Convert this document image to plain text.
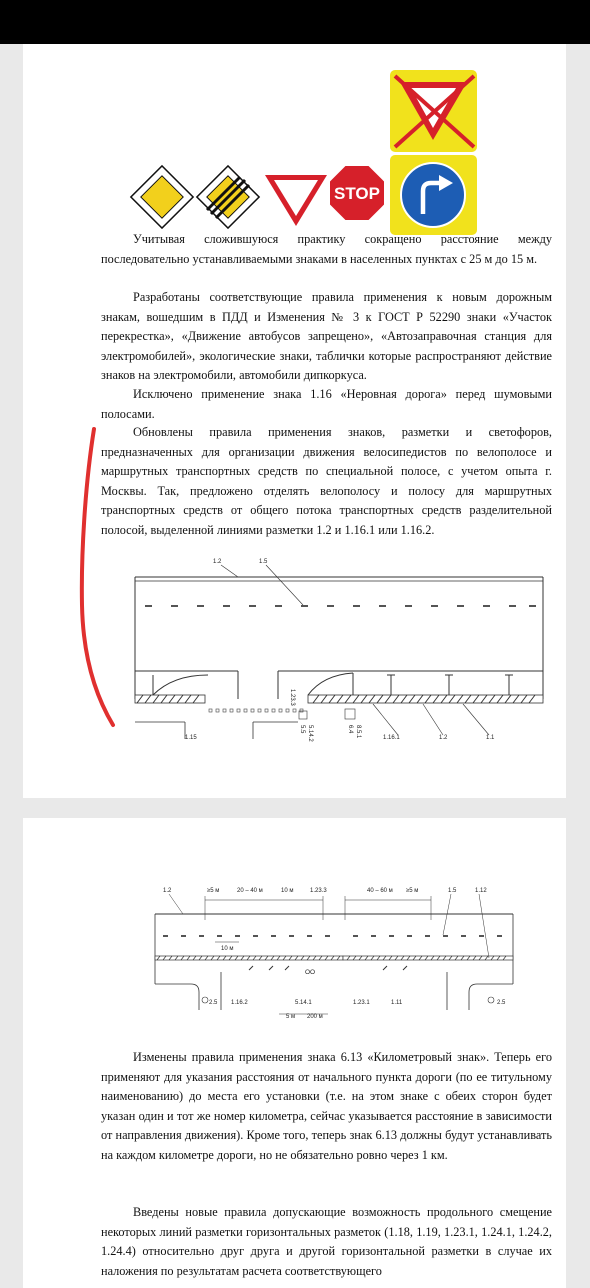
STOP
Учитывая сложившуюся практику сокращено расстояние между последовательно устанавливаемыми знаками в населенных пунктах с 25 м до 15 м.
Разработаны соответствующие правила применения к новым дорожным знакам, вошедшим в ПДД и Изменения № 3 к ГОСТ Р 52290 знаки «Участок перекрестка», «Движение автобусов запрещено», «Автозаправочная станция для электромобилей», экологические знаки, таблички которые распространяют действие знаков на электромобили, автомобили дипкоркуса.
Исключено применение знака 1.16 «Неровная дорога» перед шумовыми полосами.
Обновлены правила применения знаков, разметки и светофоров, предназначенных для организации движения велосипедистов по велополосе и маршрутных транспортных средств по специальной полосе, с учетом опыта г. Москвы. Так, предложено отделять велополосу и полосу для маршрутных транспортных средств от общего потока транспортных средств разделительной полосой, выделенной линиями разметки 1.2 и 1.16.1 или 1.16.2.
1.2	1.5
1.15	1.16.1	1.2	1.1
5.5 5.14.2	6.4 8.5.1
1.23.3
ОО
1.2	≥5 м	20 – 40 м	10 м	1.23.3	40 – 60 м ≥5 м	1.5	1.12
10 м
1.16.2
2.5	5.14.1
5 м 200 м
1.23.1	1.11	2.5
Изменены правила применения знака 6.13 «Километровый знак». Теперь его применяют для указания расстояния от начального пункта дороги (по ее титульному наименованию) до места его установки (т.е. на этом знаке с обеих сторон будет указан один и тот же номер километра, сейчас указывается расстояние в зависимости от направления движения). Кроме того, теперь знак 6.13 должны будут устанавливать на каждом километре дороги, но не обязательно ровно через 1 км.
Введены новые правила допускающие возможность продольного смещение некоторых линий разметки горизонтальных разметок (1.18, 1.19, 1.23.1, 1.24.1, 1.24.2, 1.24.4) относительно друг друга и другой горизонтальной разметки в случае их наложения по результатам расчета соответствующего
